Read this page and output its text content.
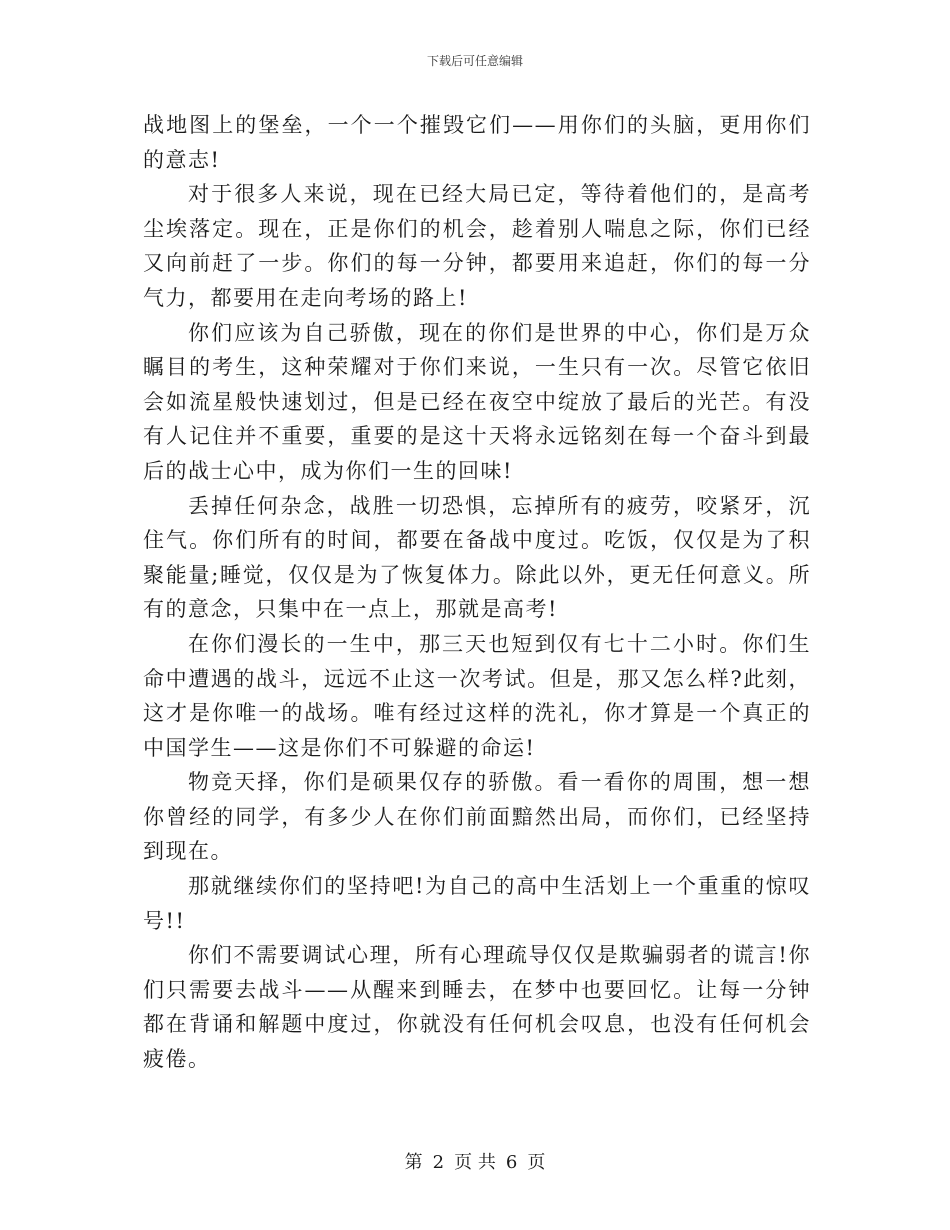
下载后可任意编辑

战地图上的堡垒，一个一个摧毁它们——用你们的头脑，更用你们的意志!

对于很多人来说，现在已经大局已定，等待着他们的，是高考尘埃落定。现在，正是你们的机会，趁着别人喘息之际，你们已经又向前赶了一步。你们的每一分钟，都要用来追赶，你们的每一分气力，都要用在走向考场的路上!

你们应该为自己骄傲，现在的你们是世界的中心，你们是万众瞩目的考生，这种荣耀对于你们来说，一生只有一次。尽管它依旧会如流星般快速划过，但是已经在夜空中绽放了最后的光芒。有没有人记住并不重要，重要的是这十天将永远铭刻在每一个奋斗到最后的战士心中，成为你们一生的回味!

丢掉任何杂念，战胜一切恐惧，忘掉所有的疲劳，咬紧牙，沉住气。你们所有的时间，都要在备战中度过。吃饭，仅仅是为了积聚能量;睡觉，仅仅是为了恢复体力。除此以外，更无任何意义。所有的意念，只集中在一点上，那就是高考!

在你们漫长的一生中，那三天也短到仅有七十二小时。你们生命中遭遇的战斗，远远不止这一次考试。但是，那又怎么样?此刻，这才是你唯一的战场。唯有经过这样的洗礼，你才算是一个真正的中国学生——这是你们不可躲避的命运!

物竞天择，你们是硕果仅存的骄傲。看一看你的周围，想一想你曾经的同学，有多少人在你们前面黯然出局，而你们，已经坚持到现在。

那就继续你们的坚持吧!为自己的高中生活划上一个重重的惊叹号!!

你们不需要调试心理，所有心理疏导仅仅是欺骗弱者的谎言!你们只需要去战斗——从醒来到睡去，在梦中也要回忆。让每一分钟都在背诵和解题中度过，你就没有任何机会叹息，也没有任何机会疲倦。

第 2 页 共 6 页
